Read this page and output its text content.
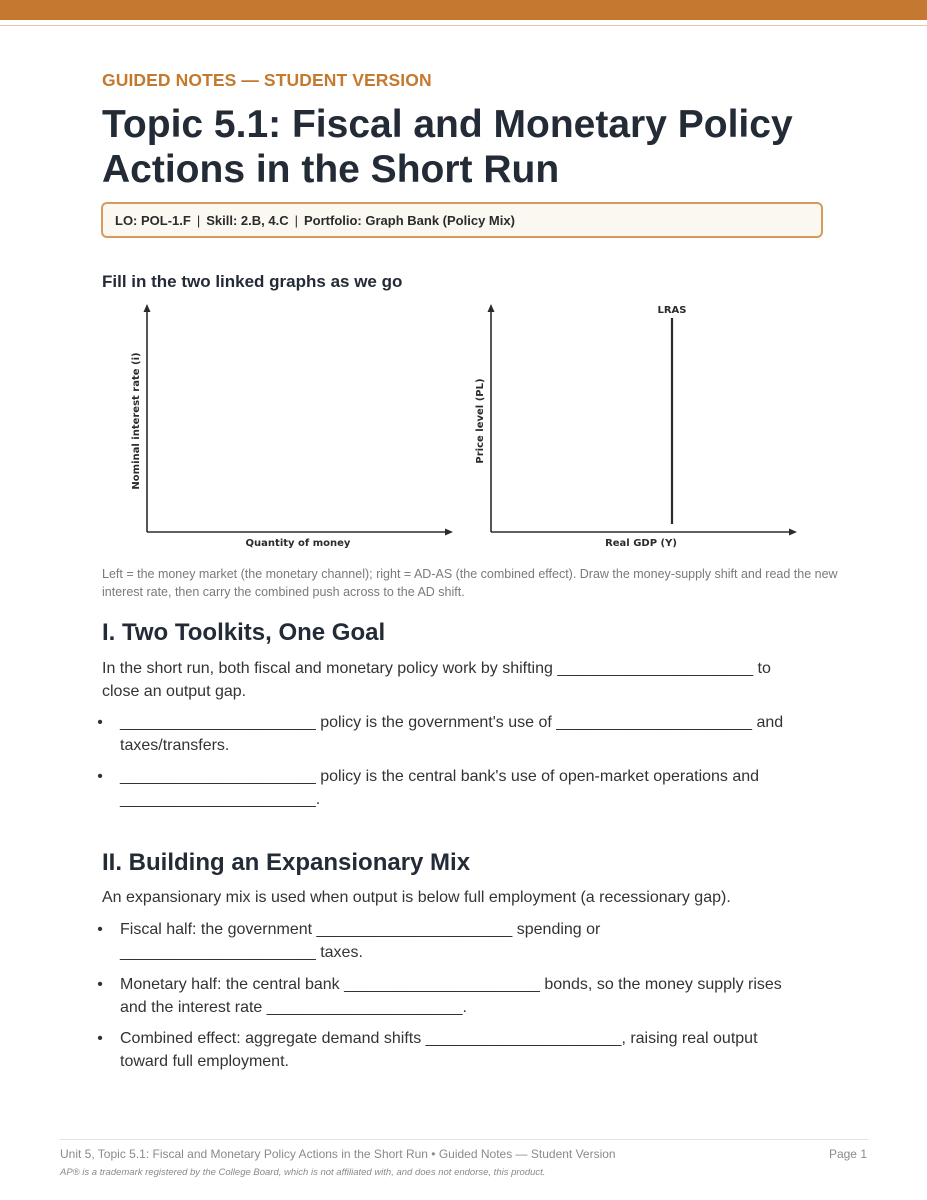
GUIDED NOTES — STUDENT VERSION
Topic 5.1: Fiscal and Monetary Policy Actions in the Short Run
LO: POL-1.F | Skill: 2.B, 4.C | Portfolio: Graph Bank (Policy Mix)
Fill in the two linked graphs as we go
Nominal interest rate (i)
Quantity of money
LRAS
Price level (PL)
Real GDP (Y)
Left = the money market (the monetary channel); right = AD-AS (the combined effect). Draw the money-supply shift and read the new interest rate, then carry the combined push across to the AD shift.
I. Two Toolkits, One Goal
In the short run, both fiscal and monetary policy work by shifting ______________________ to
close an output gap.
•	______________________ policy is the government's use of ______________________ and
taxes/transfers.
•	______________________ policy is the central bank's use of open-market operations and
______________________.
II. Building an Expansionary Mix
An expansionary mix is used when output is below full employment (a recessionary gap).
•	Fiscal half: the government ______________________ spending or
______________________ taxes.
•	Monetary half: the central bank ______________________ bonds, so the money supply rises
and the interest rate ______________________.
•	Combined effect: aggregate demand shifts ______________________, raising real output
toward full employment.
Unit 5, Topic 5.1: Fiscal and Monetary Policy Actions in the Short Run • Guided Notes — Student Version	Page 1
AP® is a trademark registered by the College Board, which is not affiliated with, and does not endorse, this product.
